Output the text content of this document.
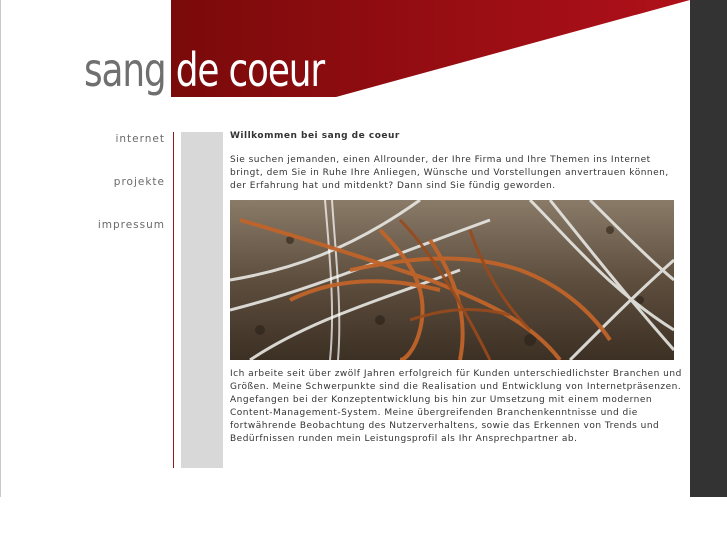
sang de coeur
internet
projekte
impressum
Willkommen bei sang de coeur

Sie suchen jemanden, einen Allrounder, der Ihre Firma und Ihre Themen ins Internet bringt, dem Sie in Ruhe Ihre Anliegen, Wünsche und Vorstellungen anvertrauen können, der Erfahrung hat und mitdenkt? Dann sind Sie fündig geworden.

Ich arbeite seit über zwölf Jahren erfolgreich für Kunden unterschiedlichster Branchen und Größen. Meine Schwerpunkte sind die Realisation und Entwicklung von Internetpräsenzen. Angefangen bei der Konzeptentwicklung bis hin zur Umsetzung mit einem modernen Content-Management-System. Meine übergreifenden Branchenkenntnisse und die fortwährende Beobachtung des Nutzerverhaltens, sowie das Erkennen von Trends und Bedürfnissen runden mein Leistungsprofil als Ihr Ansprechpartner ab.
